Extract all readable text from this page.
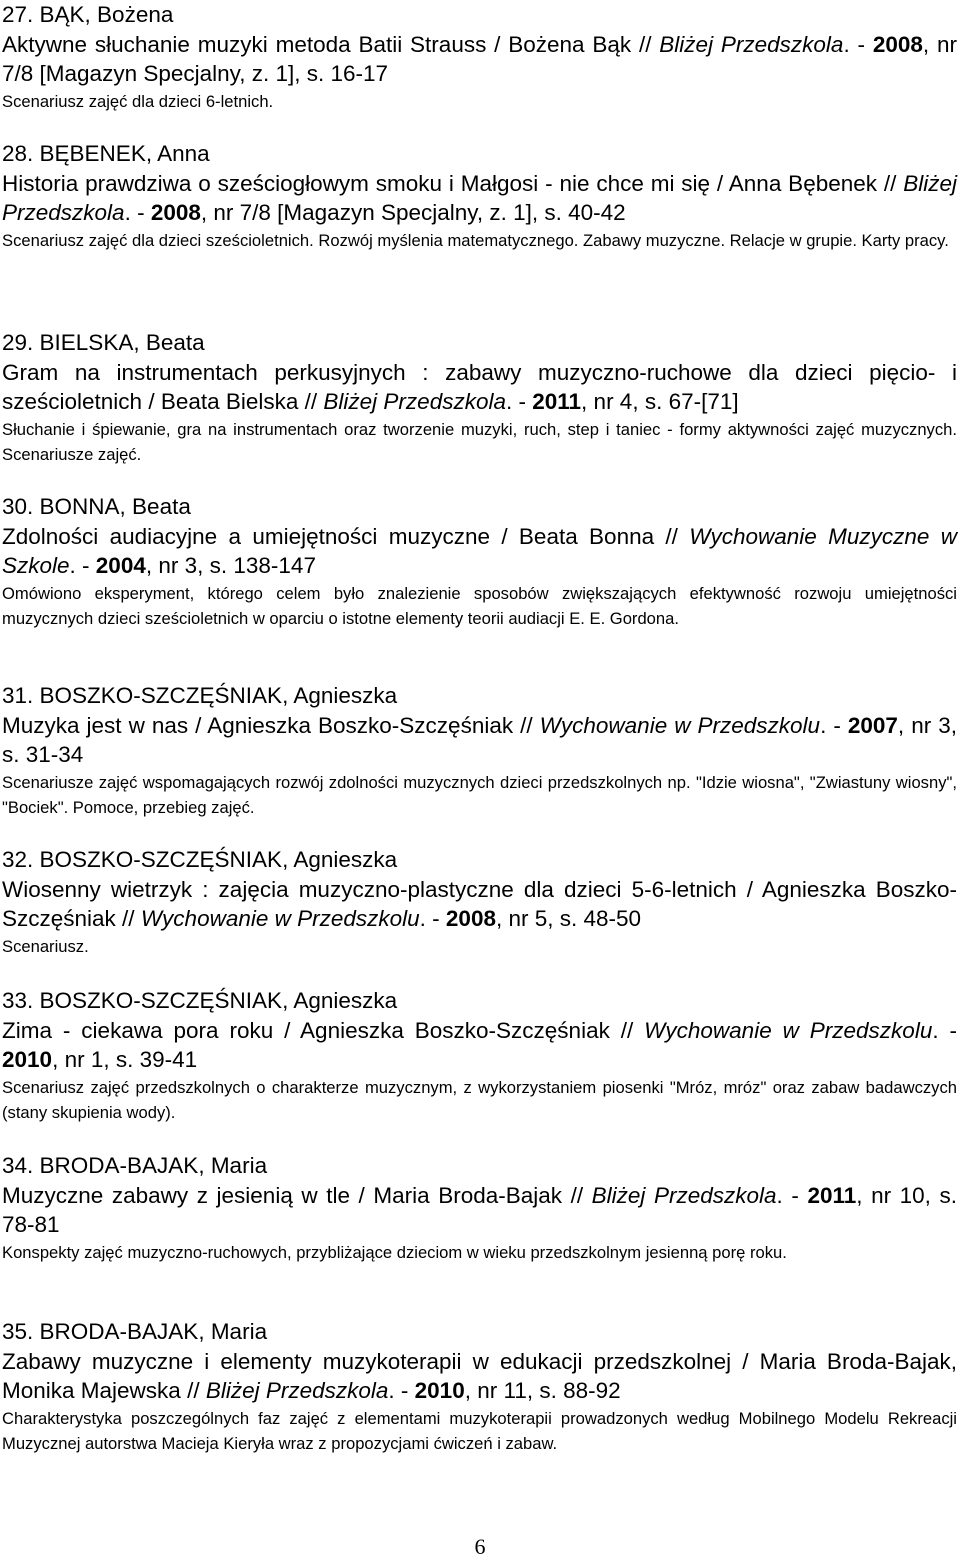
27. BĄK, Bożena
Aktywne słuchanie muzyki metoda Batii Strauss / Bożena Bąk // Bliżej Przedszkola. - 2008, nr 7/8 [Magazyn Specjalny, z. 1], s. 16-17
Scenariusz zajęć dla dzieci 6-letnich.
28. BĘBENEK, Anna
Historia prawdziwa o sześciogłowym smoku i Małgosi - nie chce mi się / Anna Bębenek // Bliżej Przedszkola. - 2008, nr 7/8 [Magazyn Specjalny, z. 1], s. 40-42
Scenariusz zajęć dla dzieci sześcioletnich. Rozwój myślenia matematycznego. Zabawy muzyczne. Relacje w grupie. Karty pracy.
29. BIELSKA, Beata
Gram na instrumentach perkusyjnych : zabawy muzyczno-ruchowe dla dzieci pięcio- i sześcioletnich / Beata Bielska // Bliżej Przedszkola. - 2011, nr 4, s. 67-[71]
Słuchanie i śpiewanie, gra na instrumentach oraz tworzenie muzyki, ruch, step i taniec - formy aktywności zajęć muzycznych. Scenariusze zajęć.
30. BONNA, Beata
Zdolności audiacyjne a umiejętności muzyczne / Beata Bonna // Wychowanie Muzyczne w Szkole. - 2004, nr 3, s. 138-147
Omówiono eksperyment, którego celem było znalezienie sposobów zwiększających efektywność rozwoju umiejętności muzycznych dzieci sześcioletnich w oparciu o istotne elementy teorii audiacji E. E. Gordona.
31. BOSZKO-SZCZĘŚNIAK, Agnieszka
Muzyka jest w nas / Agnieszka Boszko-Szczęśniak // Wychowanie w Przedszkolu. - 2007, nr 3, s. 31-34
Scenariusze zajęć wspomagających rozwój zdolności muzycznych dzieci przedszkolnych np. "Idzie wiosna", "Zwiastuny wiosny", "Bociek". Pomoce, przebieg zajęć.
32. BOSZKO-SZCZĘŚNIAK, Agnieszka
Wiosenny wietrzyk : zajęcia muzyczno-plastyczne dla dzieci 5-6-letnich / Agnieszka Boszko-Szczęśniak // Wychowanie w Przedszkolu. - 2008, nr 5, s. 48-50
Scenariusz.
33. BOSZKO-SZCZĘŚNIAK, Agnieszka
Zima - ciekawa pora roku / Agnieszka Boszko-Szczęśniak // Wychowanie w Przedszkolu. - 2010, nr 1, s. 39-41
Scenariusz zajęć przedszkolnych o charakterze muzycznym, z wykorzystaniem piosenki "Mróz, mróz" oraz zabaw badawczych (stany skupienia wody).
34. BRODA-BAJAK, Maria
Muzyczne zabawy z jesienią w tle / Maria Broda-Bajak // Bliżej Przedszkola. - 2011, nr 10, s. 78-81
Konspekty zajęć muzyczno-ruchowych, przybliżające dzieciom w wieku przedszkolnym jesienną porę roku.
35. BRODA-BAJAK, Maria
Zabawy muzyczne i elementy muzykoterapii w edukacji przedszkolnej / Maria Broda-Bajak, Monika Majewska // Bliżej Przedszkola. - 2010, nr 11, s. 88-92
Charakterystyka poszczególnych faz zajęć z elementami muzykoterapii prowadzonych według Mobilnego Modelu Rekreacji Muzycznej autorstwa Macieja Kieryła wraz z propozycjami ćwiczeń i zabaw.
6
